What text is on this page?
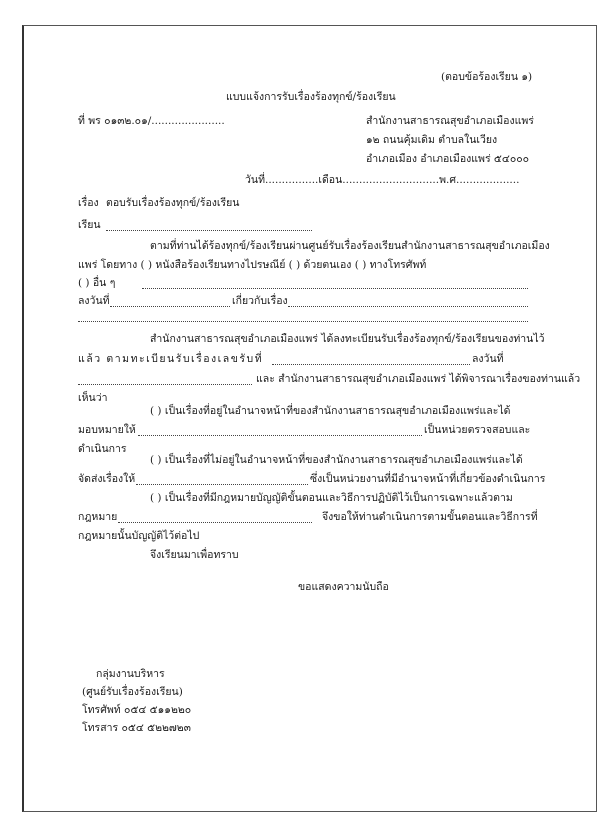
(ตอบข้อร้องเรียน ๑)
แบบแจ้งการรับเรื่องร้องทุกข์/ร้องเรียน
ที่ พร ๐๑๓๒.๐๑/......................	สำนักงานสาธารณสุขอำเภอเมืองแพร่
๑๒ ถนนคุ้มเดิม ตำบลในเวียง
อำเภอเมือง อำเภอเมืองแพร่ ๕๔๐๐๐
วันที่................เดือน.............................พ.ศ...................
เรื่อง ตอบรับเรื่องร้องทุกข์/ร้องเรียน
เรียน
ตามที่ท่านได้ร้องทุกข์/ร้องเรียนผ่านศูนย์รับเรื่องร้องเรียนสำนักงานสาธารณสุขอำเภอเมือง
แพร่ โดยทาง ( ) หนังสือร้องเรียนทางไปรษณีย์ ( ) ด้วยตนเอง ( ) ทางโทรศัพท์
( ) อื่น ๆ
ลงวันที่	เกี่ยวกับเรื่อง
สำนักงานสาธารณสุขอำเภอเมืองแพร่ ได้ลงทะเบียนรับเรื่องร้องทุกข์/ร้องเรียนของท่านไว้
แล้ว ตามทะเบียนรับเรื่องเลขรับที่	ลงวันที่
และ สำนักงานสาธารณสุขอำเภอเมืองแพร่ ได้พิจารณาเรื่องของท่านแล้ว
เห็นว่า
( ) เป็นเรื่องที่อยู่ในอำนาจหน้าที่ของสำนักงานสาธารณสุขอำเภอเมืองแพร่และได้
มอบหมายให้	เป็นหน่วยตรวจสอบและ
ดำเนินการ
( ) เป็นเรื่องที่ไม่อยู่ในอำนาจหน้าที่ของสำนักงานสาธารณสุขอำเภอเมืองแพร่และได้
จัดส่งเรื่องให้	ซึ่งเป็นหน่วยงานที่มีอำนาจหน้าที่เกี่ยวข้องดำเนินการ
( ) เป็นเรื่องที่มีกฎหมายบัญญัติขั้นตอนและวิธีการปฏิบัติไว้เป็นการเฉพาะแล้วตาม
กฎหมาย	จึงขอให้ท่านดำเนินการตามขั้นตอนและวิธีการที่
กฎหมายนั้นบัญญัติไว้ต่อไป
จึงเรียนมาเพื่อทราบ
ขอแสดงความนับถือ
กลุ่มงานบริหาร
(ศูนย์รับเรื่องร้องเรียน)
โทรศัพท์ ๐๕๔ ๕๑๑๒๒๐
โทรสาร ๐๕๔ ๕๒๒๗๒๓
